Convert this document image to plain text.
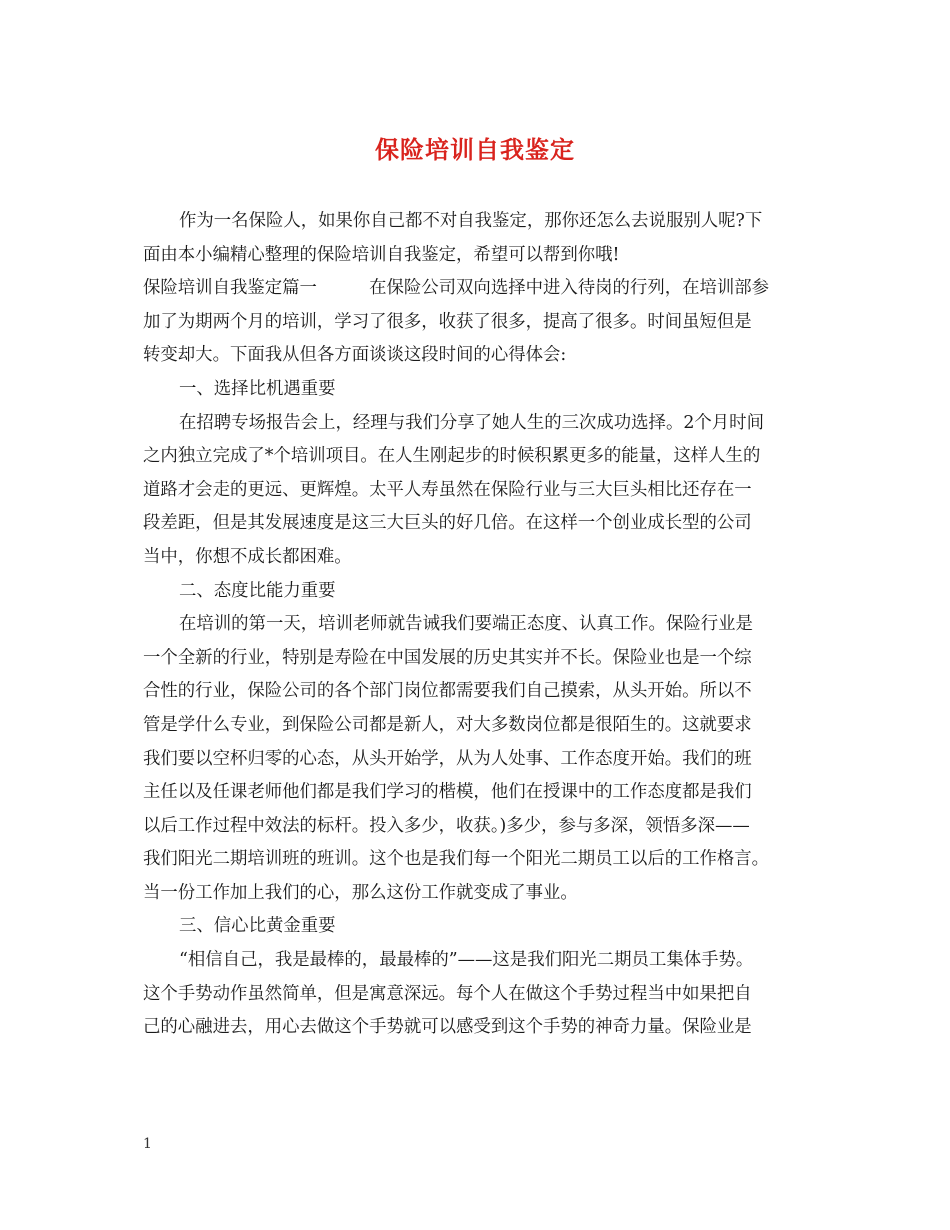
保险培训自我鉴定
作为一名保险人，如果你自己都不对自我鉴定，那你还怎么去说服别人呢?下
面由本小编精心整理的保险培训自我鉴定，希望可以帮到你哦!
保险培训自我鉴定篇一　　　在保险公司双向选择中进入待岗的行列，在培训部参
加了为期两个月的培训，学习了很多，收获了很多，提高了很多。时间虽短但是
转变却大。下面我从但各方面谈谈这段时间的心得体会:
一、选择比机遇重要
在招聘专场报告会上，经理与我们分享了她人生的三次成功选择。2个月时间
之内独立完成了*个培训项目。在人生刚起步的时候积累更多的能量，这样人生的
道路才会走的更远、更辉煌。太平人寿虽然在保险行业与三大巨头相比还存在一
段差距，但是其发展速度是这三大巨头的好几倍。在这样一个创业成长型的公司
当中，你想不成长都困难。
二、态度比能力重要
在培训的第一天，培训老师就告诫我们要端正态度、认真工作。保险行业是
一个全新的行业，特别是寿险在中国发展的历史其实并不长。保险业也是一个综
合性的行业，保险公司的各个部门岗位都需要我们自己摸索，从头开始。所以不
管是学什么专业，到保险公司都是新人，对大多数岗位都是很陌生的。这就要求
我们要以空杯归零的心态，从头开始学，从为人处事、工作态度开始。我们的班
主任以及任课老师他们都是我们学习的楷模，他们在授课中的工作态度都是我们
以后工作过程中效法的标杆。投入多少，收获。)多少，参与多深，领悟多深——
我们阳光二期培训班的班训。这个也是我们每一个阳光二期员工以后的工作格言。
当一份工作加上我们的心，那么这份工作就变成了事业。
三、信心比黄金重要
“相信自己，我是最棒的，最最棒的”——这是我们阳光二期员工集体手势。
这个手势动作虽然简单，但是寓意深远。每个人在做这个手势过程当中如果把自
己的心融进去，用心去做这个手势就可以感受到这个手势的神奇力量。保险业是
1
